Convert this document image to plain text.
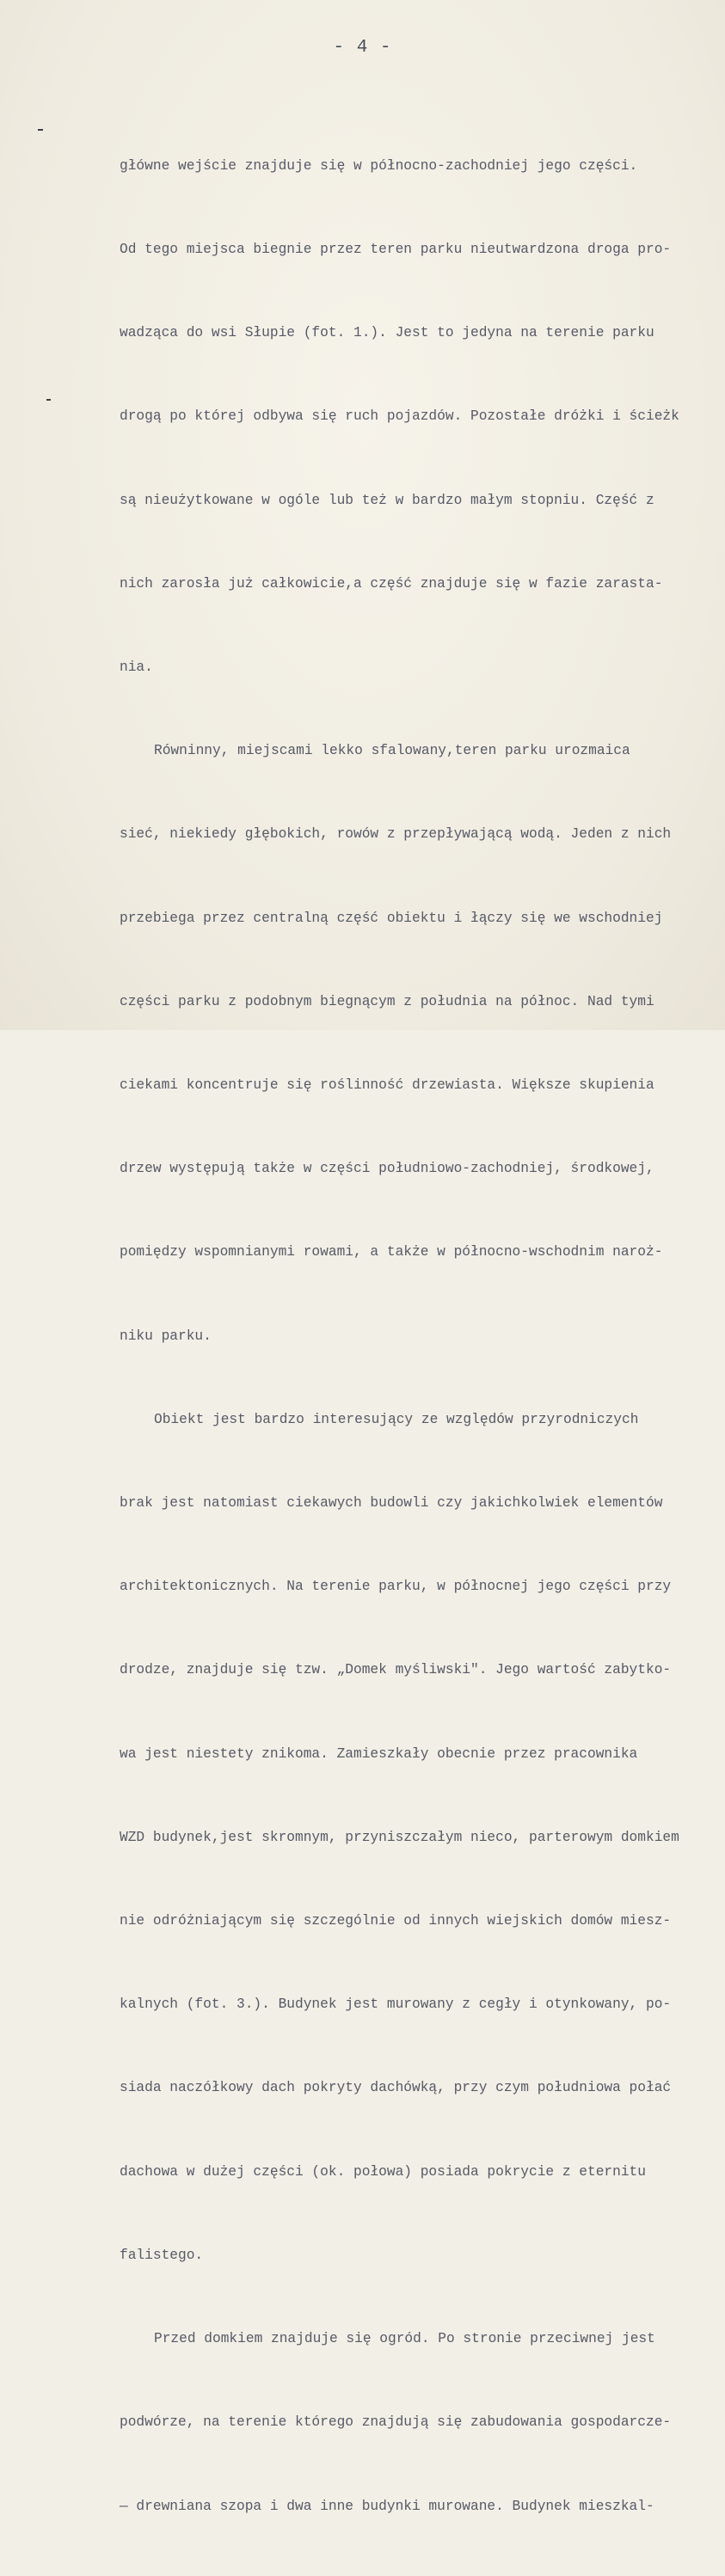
- 4 -

główne wejście znajduje się w północno-zachodniej jego części.

Od tego miejsca biegnie przez teren parku nieutwardzona droga pro-

wadząca do wsi Słupie (fot. 1.). Jest to jedyna na terenie parku

drogą po której odbywa się ruch pojazdów. Pozostałe dróżki i ścieżk

są nieużytkowane w ogóle lub też w bardzo małym stopniu. Część z

nich zarosła już całkowicie,a część znajduje się w fazie zarasta-

nia.

Równinny, miejscami lekko sfalowany,teren parku urozmaica

sieć, niekiedy głębokich, rowów z przepływającą wodą. Jeden z nich

przebiega przez centralną część obiektu i łączy się we wschodniej

części parku z podobnym biegnącym z południa na północ. Nad tymi

ciekami koncentruje się roślinność drzewiasta. Większe skupienia

drzew występują także w części południowo-zachodniej, środkowej,

pomiędzy wspomnianymi rowami, a także w północno-wschodnim naroż-

niku parku.

Obiekt jest bardzo interesujący ze względów przyrodniczych

brak jest natomiast ciekawych budowli czy jakichkolwiek elementów

architektonicznych. Na terenie parku, w północnej jego części przy

drodze, znajduje się tzw. „Domek myśliwski". Jego wartość zabytko-

wa jest niestety znikoma. Zamieszkały obecnie przez pracownika

WZD budynek,jest skromnym, przyniszczałym nieco, parterowym domkiem

nie odróżniającym się szczególnie od innych wiejskich domów miesz-

kalnych (fot. 3.). Budynek jest murowany z cegły i otynkowany, po-

siada naczółkowy dach pokryty dachówką, przy czym południowa połać

dachowa w dużej części (ok. połowa) posiada pokrycie z eternitu

falistego.

Przed domkiem znajduje się ogród. Po stronie przeciwnej jest

podwórze, na terenie którego znajdują się zabudowania gospodarcze-

— drewniana szopa i dwa inne budynki murowane. Budynek mieszkal-
